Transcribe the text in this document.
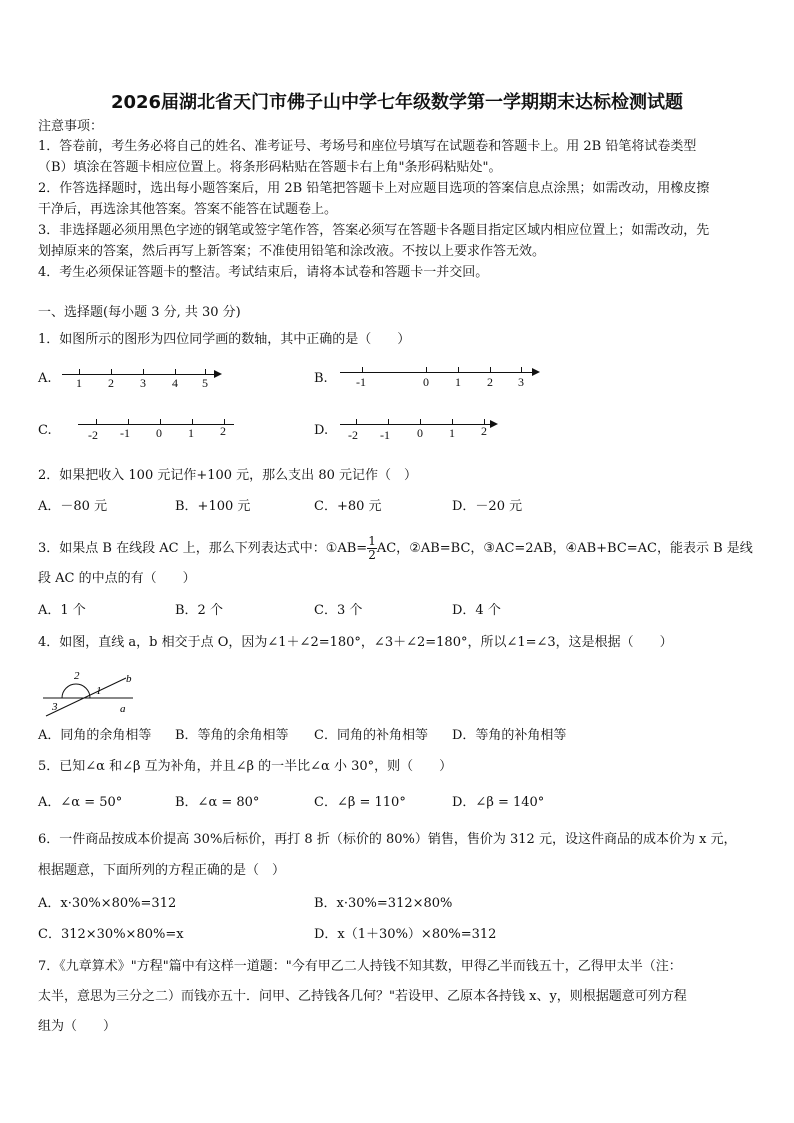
2026届湖北省天门市佛子山中学七年级数学第一学期期末达标检测试题
注意事项：
1．答卷前，考生务必将自己的姓名、准考证号、考场号和座位号填写在试题卷和答题卡上。用 2B 铅笔将试卷类型
（B）填涂在答题卡相应位置上。将条形码粘贴在答题卡右上角"条形码粘贴处"。
2．作答选择题时，选出每小题答案后，用 2B 铅笔把答题卡上对应题目选项的答案信息点涂黑；如需改动，用橡皮擦
干净后，再选涂其他答案。答案不能答在试题卷上。
3．非选择题必须用黑色字迹的钢笔或签字笔作答，答案必须写在答题卡各题目指定区域内相应位置上；如需改动，先
划掉原来的答案，然后再写上新答案；不准使用铅笔和涂改液。不按以上要求作答无效。
4．考生必须保证答题卡的整洁。考试结束后，请将本试卷和答题卡一并交回。
一、选择题(每小题 3 分, 共 30 分)
1．如图所示的图形为四位同学画的数轴，其中正确的是（　　）
A.	B.
C.	D.
1 2 3 4 5	-1	0 1 2 3
-2 -1 0 1 2	-2 -1 0 1 2
2．如果把收入 100 元记作+100 元，那么支出 80 元记作（　）
A．－80 元	B．+100 元	C．+80 元	D．－20 元
3．如果点 B 在线段 AC 上，那么下列表达式中：①AB= $\frac{1}{2}$ AC，②AB=BC，③AC=2AB，④AB+BC=AC，能表示 B 是线
段 AC 的中点的有（　　）
A．1 个	B．2 个	C．3 个	D．4 个
4．如图，直线 a，b 相交于点 O，因为∠1＋∠2=180°，∠3＋∠2=180°，所以∠1=∠3，这是根据（　　）
2
1
3
b
a
A．同角的余角相等 B．等角的余角相等 C．同角的补角相等 D．等角的补角相等
5．已知∠α 和∠β 互为补角，并且∠β 的一半比∠α 小 30°，则（　　）
A．∠α = 50°	B．∠α = 80°	C．∠β = 110°	D．∠β = 140°
6．一件商品按成本价提高 30%后标价，再打 8 折（标价的 80%）销售，售价为 312 元，设这件商品的成本价为 x 元，
根据题意，下面所列的方程正确的是（　）
A．x·30%×80%=312	B．x·30%=312×80%
C．312×30%×80%=x	D．x（1＋30%）×80%=312
7．《九章算术》"方程"篇中有这样一道题："今有甲乙二人持钱不知其数，甲得乙半而钱五十，乙得甲太半（注：
太半，意思为三分之二）而钱亦五十．问甲、乙持钱各几何？"若设甲、乙原本各持钱 x、y，则根据题意可列方程
组为（　　）
